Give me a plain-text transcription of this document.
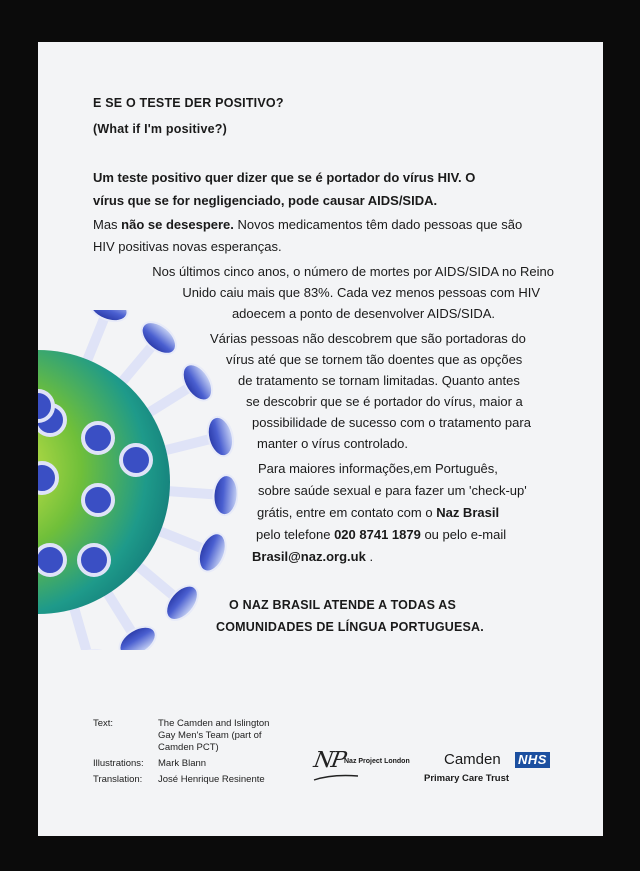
E SE O TESTE DER POSITIVO?
(What if I'm positive?)
Um teste positivo quer dizer que se é portador do vírus HIV. O
vírus que se for negligenciado, pode causar AIDS/SIDA.
Mas não se desespere. Novos medicamentos têm dado pessoas que são
HIV positivas novas esperanças.
Nos últimos cinco anos, o número de mortes por AIDS/SIDA no Reino
Unido caiu mais que 83%. Cada vez menos pessoas com HIV
adoecem a ponto de desenvolver AIDS/SIDA.
Várias pessoas não descobrem que são portadoras do
vírus até que se tornem tão doentes que as opções
de tratamento se tornam limitadas. Quanto antes
se descobrir que se é portador do vírus, maior a
possibilidade de sucesso com o tratamento para
manter o vírus controlado.
Para maiores informações,em Português,
sobre saúde sexual e para fazer um 'check-up'
grátis, entre em contato com o Naz Brasil
pelo telefone 020 8741 1879 ou pelo e-mail
Brasil@naz.org.uk .
O NAZ BRASIL ATENDE A TODAS AS
COMUNIDADES DE LÍNGUA PORTUGUESA.
Text:	The Camden and Islington Gay Men's Team (part of Camden PCT)
Illustrations: Mark Blann
Translation: José Henrique Resinente
NP
Naz Project London Camden NHS
Primary Care Trust
